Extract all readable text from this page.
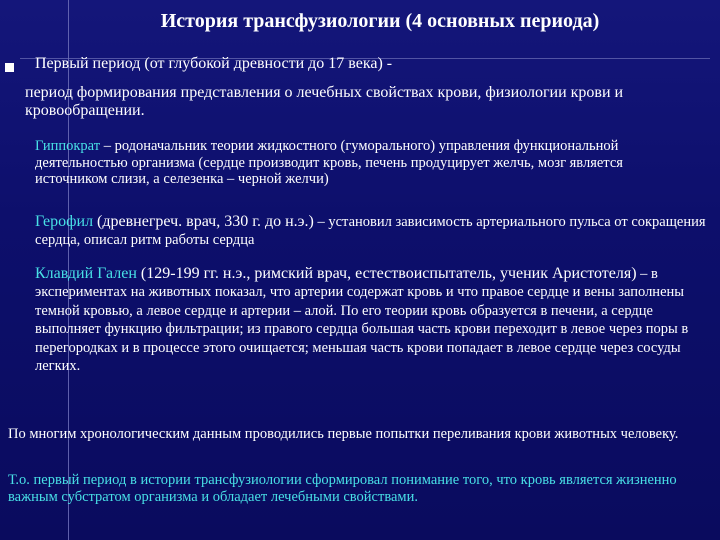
История трансфузиологии (4 основных периода)
Первый период (от глубокой древности до 17 века) -
период формирования представления о лечебных свойствах крови, физиологии крови и кровообращении.
Гиппократ – родоначальник теории жидкостного (гуморального) управления функциональной деятельностью организма (сердце производит кровь, печень продуцирует желчь, мозг является источником слизи, а селезенка – черной желчи)
Герофил (древнегреч. врач, 330 г. до н.э.) – установил зависимость артериального пульса от сокращения сердца, описал ритм работы сердца
Клавдий Гален (129-199 гг. н.э., римский врач, естествоиспытатель, ученик Аристотеля) – в экспериментах на животных показал, что артерии содержат кровь и что правое сердце и вены заполнены темной кровью, а левое сердце и артерии – алой. По его теории кровь образуется в печени, а сердце выполняет функцию фильтрации; из правого сердца большая часть крови переходит в левое через поры в перегородках и в процессе этого очищается; меньшая часть крови попадает в левое сердце через сосуды легких.
По многим хронологическим данным проводились первые попытки переливания крови животных человеку.
Т.о. первый период в истории трансфузиологии сформировал понимание того, что кровь является жизненно важным субстратом организма и обладает лечебными свойствами.
